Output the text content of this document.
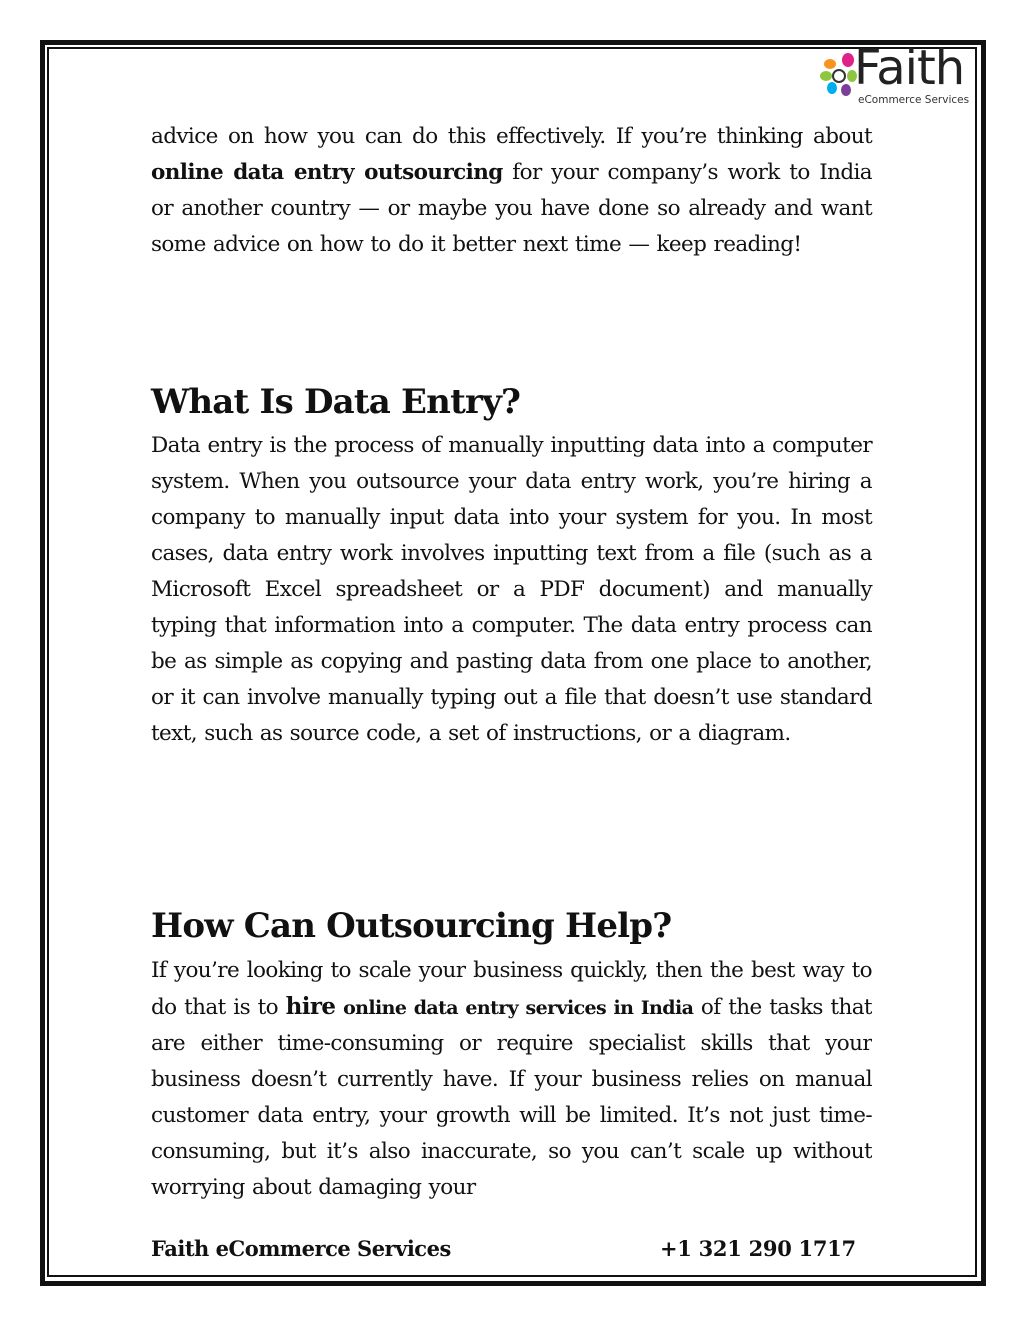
Faith
eCommerce Services

advice on how you can do this effectively. If you’re thinking about online data entry outsourcing for your company’s work to India or another country — or maybe you have done so already and want some advice on how to do it better next time — keep reading!

What Is Data Entry?

Data entry is the process of manually inputting data into a computer system. When you outsource your data entry work, you’re hiring a company to manually input data into your system for you. In most cases, data entry work involves inputting text from a file (such as a Microsoft Excel spreadsheet or a PDF document) and manually typing that information into a computer. The data entry process can be as simple as copying and pasting data from one place to another, or it can involve manually typing out a file that doesn’t use standard text, such as source code, a set of instructions, or a diagram.

How Can Outsourcing Help?

If you’re looking to scale your business quickly, then the best way to do that is to hire online data entry services in India of the tasks that are either time-consuming or require specialist skills that your business doesn’t currently have. If your business relies on manual customer data entry, your growth will be limited. It’s not just time-consuming, but it’s also inaccurate, so you can’t scale up without worrying about damaging your

Faith eCommerce Services	+1 321 290 1717
